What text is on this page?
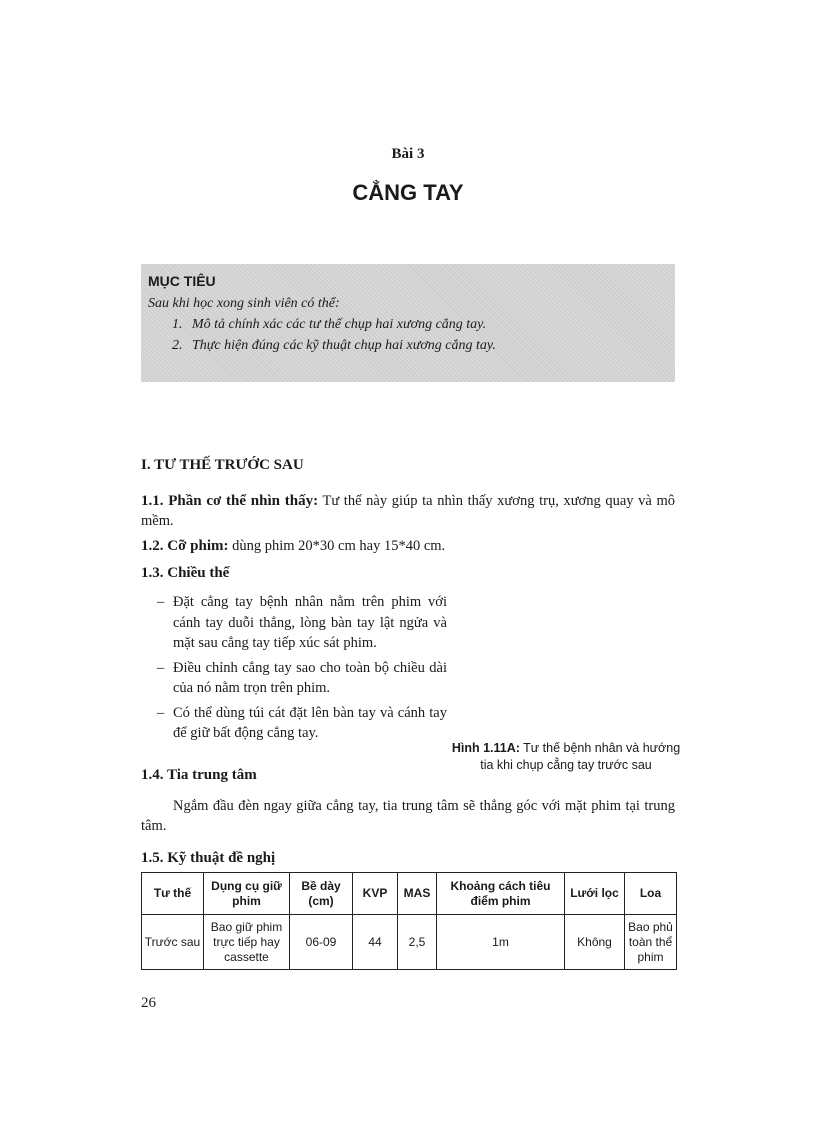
Bài 3
CẲNG TAY
MỤC TIÊU
Sau khi học xong sinh viên có thể:
1. Mô tả chính xác các tư thế chụp hai xương cẳng tay.
2. Thực hiện đúng các kỹ thuật chụp hai xương cẳng tay.
I. TƯ THẾ TRƯỚC SAU
1.1. Phần cơ thể nhìn thấy: Tư thế này giúp ta nhìn thấy xương trụ, xương quay và mô mềm.
1.2. Cỡ phim: dùng phim 20*30 cm hay 15*40 cm.
1.3. Chiều thế
– Đặt cẳng tay bệnh nhân nằm trên phim với cánh tay duỗi thẳng, lòng bàn tay lật ngửa và mặt sau cẳng tay tiếp xúc sát phim.
– Điều chỉnh cẳng tay sao cho toàn bộ chiều dài của nó nằm trọn trên phim.
– Có thể dùng túi cát đặt lên bàn tay và cánh tay để giữ bất động cẳng tay.
Hình 1.11A: Tư thế bệnh nhân và hướng tia khi chụp cẳng tay trước sau
1.4. Tia trung tâm
Ngắm đầu đèn ngay giữa cẳng tay, tia trung tâm sẽ thẳng góc với mặt phim tại trung tâm.
1.5. Kỹ thuật đề nghị
Tư thế	Dụng cụ giữ phim	Bề dày (cm)	KVP	MAS	Khoảng cách tiêu điểm phim	Lưới lọc	Loa
Trước sau	Bao giữ phim trực tiếp hay cassette	06-09	44	2,5	1m	Không	Bao phủ toàn thể phim
26
